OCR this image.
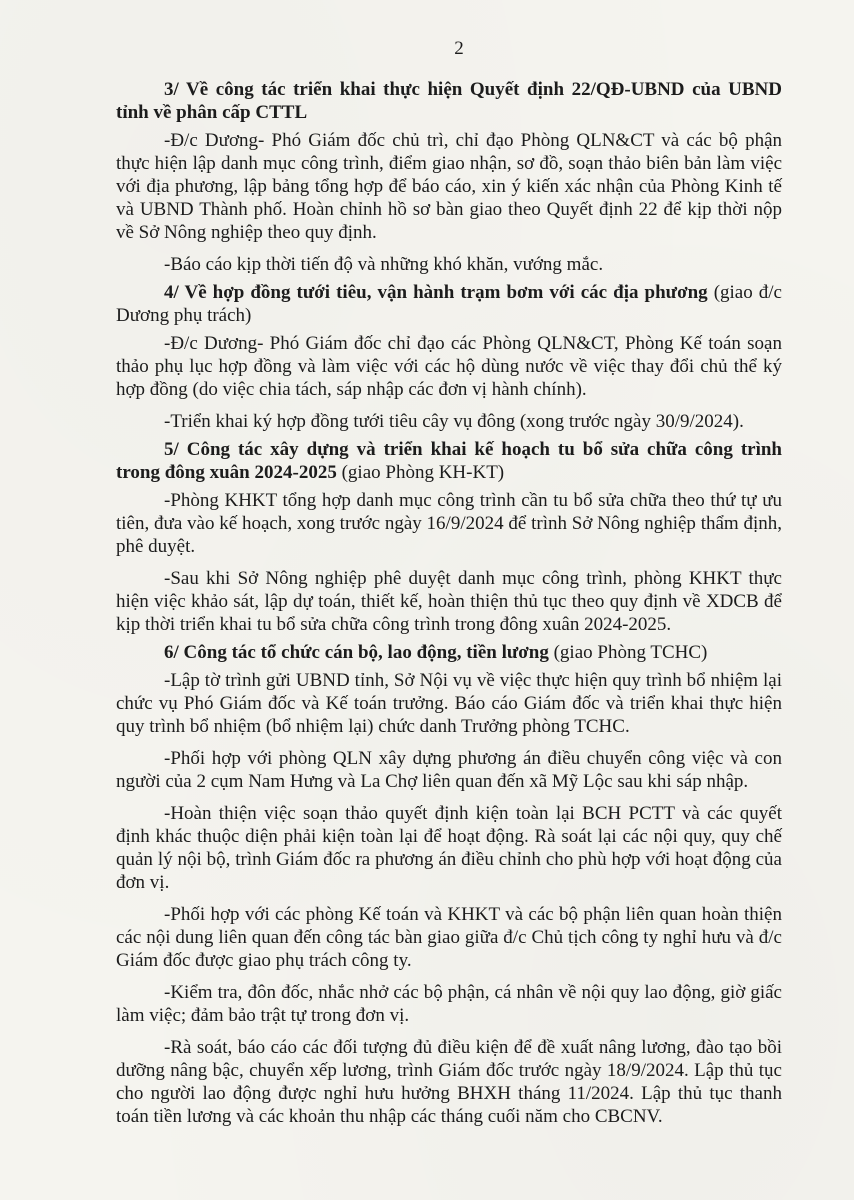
2

3/ Về công tác triển khai thực hiện Quyết định 22/QĐ-UBND của UBND tỉnh về phân cấp CTTL

-Đ/c Dương- Phó Giám đốc chủ trì, chỉ đạo Phòng QLN&CT và các bộ phận thực hiện lập danh mục công trình, điểm giao nhận, sơ đồ, soạn thảo biên bản làm việc với địa phương, lập bảng tổng hợp để báo cáo, xin ý kiến xác nhận của Phòng Kinh tế và UBND Thành phố. Hoàn chỉnh hồ sơ bàn giao theo Quyết định 22 để kịp thời nộp về Sở Nông nghiệp theo quy định.

-Báo cáo kịp thời tiến độ và những khó khăn, vướng mắc.

4/ Về hợp đồng tưới tiêu, vận hành trạm bơm với các địa phương (giao đ/c Dương phụ trách)

-Đ/c Dương- Phó Giám đốc chỉ đạo các Phòng QLN&CT, Phòng Kế toán soạn thảo phụ lục hợp đồng và làm việc với các hộ dùng nước về việc thay đổi chủ thể ký hợp đồng (do việc chia tách, sáp nhập các đơn vị hành chính).

-Triển khai ký hợp đồng tưới tiêu cây vụ đông (xong trước ngày 30/9/2024).

5/ Công tác xây dựng và triển khai kế hoạch tu bổ sửa chữa công trình trong đông xuân 2024-2025 (giao Phòng KH-KT)

-Phòng KHKT tổng hợp danh mục công trình cần tu bổ sửa chữa theo thứ tự ưu tiên, đưa vào kế hoạch, xong trước ngày 16/9/2024 để trình Sở Nông nghiệp thẩm định, phê duyệt.

-Sau khi Sở Nông nghiệp phê duyệt danh mục công trình, phòng KHKT thực hiện việc khảo sát, lập dự toán, thiết kế, hoàn thiện thủ tục theo quy định về XDCB để kịp thời triển khai tu bổ sửa chữa công trình trong đông xuân 2024-2025.

6/ Công tác tổ chức cán bộ, lao động, tiền lương (giao Phòng TCHC)

-Lập tờ trình gửi UBND tỉnh, Sở Nội vụ về việc thực hiện quy trình bổ nhiệm lại chức vụ Phó Giám đốc và Kế toán trưởng. Báo cáo Giám đốc và triển khai thực hiện quy trình bổ nhiệm (bổ nhiệm lại) chức danh Trưởng phòng TCHC.

-Phối hợp với phòng QLN xây dựng phương án điều chuyển công việc và con người của 2 cụm Nam Hưng và La Chợ liên quan đến xã Mỹ Lộc sau khi sáp nhập.

-Hoàn thiện việc soạn thảo quyết định kiện toàn lại BCH PCTT và các quyết định khác thuộc diện phải kiện toàn lại để hoạt động. Rà soát lại các nội quy, quy chế quản lý nội bộ, trình Giám đốc ra phương án điều chỉnh cho phù hợp với hoạt động của đơn vị.

-Phối hợp với các phòng Kế toán và KHKT và các bộ phận liên quan hoàn thiện các nội dung liên quan đến công tác bàn giao giữa đ/c Chủ tịch công ty nghỉ hưu và đ/c Giám đốc được giao phụ trách công ty.

-Kiểm tra, đôn đốc, nhắc nhở các bộ phận, cá nhân về nội quy lao động, giờ giấc làm việc; đảm bảo trật tự trong đơn vị.

-Rà soát, báo cáo các đối tượng đủ điều kiện để đề xuất nâng lương, đào tạo bồi dưỡng nâng bậc, chuyển xếp lương, trình Giám đốc trước ngày 18/9/2024. Lập thủ tục cho người lao động được nghỉ hưu hưởng BHXH tháng 11/2024. Lập thủ tục thanh toán tiền lương và các khoản thu nhập các tháng cuối năm cho CBCNV.
